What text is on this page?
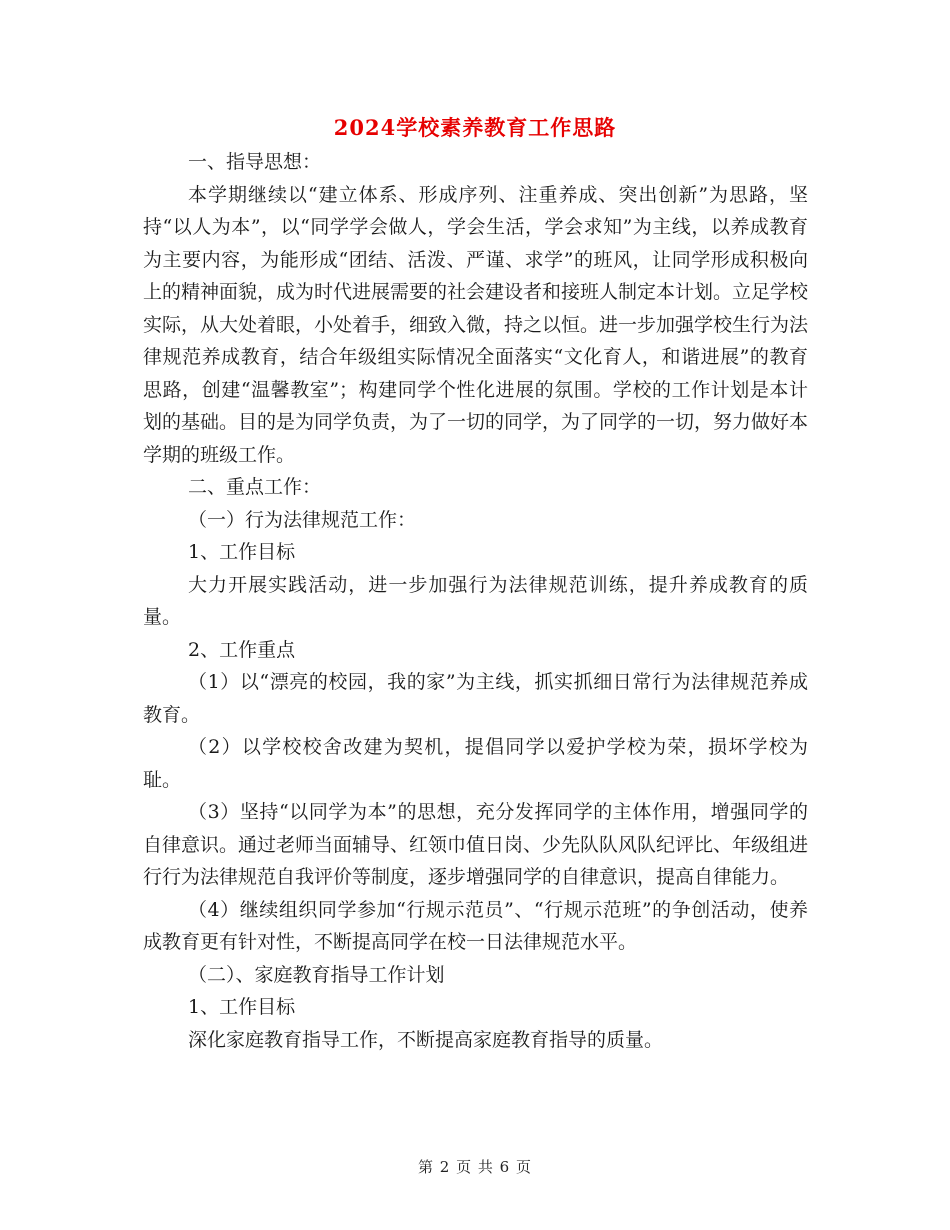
2024学校素养教育工作思路

一、指导思想：

本学期继续以“建立体系、形成序列、注重养成、突出创新”为思路，坚持“以人为本”，以“同学学会做人，学会生活，学会求知”为主线，以养成教育为主要内容，为能形成“团结、活泼、严谨、求学”的班风，让同学形成积极向上的精神面貌，成为时代进展需要的社会建设者和接班人制定本计划。立足学校实际，从大处着眼，小处着手，细致入微，持之以恒。进一步加强学校生行为法律规范养成教育，结合年级组实际情况全面落实“文化育人，和谐进展”的教育思路，创建“温馨教室”；构建同学个性化进展的氛围。学校的工作计划是本计划的基础。目的是为同学负责，为了一切的同学，为了同学的一切，努力做好本学期的班级工作。

二、重点工作：

（一）行为法律规范工作：

1、工作目标

大力开展实践活动，进一步加强行为法律规范训练，提升养成教育的质量。

2、工作重点

（1）以“漂亮的校园，我的家”为主线，抓实抓细日常行为法律规范养成教育。

（2）以学校校舍改建为契机，提倡同学以爱护学校为荣，损坏学校为耻。

（3）坚持“以同学为本”的思想，充分发挥同学的主体作用，增强同学的自律意识。通过老师当面辅导、红领巾值日岗、少先队队风队纪评比、年级组进行行为法律规范自我评价等制度，逐步增强同学的自律意识，提高自律能力。

（4）继续组织同学参加“行规示范员”、“行规示范班”的争创活动，使养成教育更有针对性，不断提高同学在校一日法律规范水平。

（二）、家庭教育指导工作计划

1、工作目标

深化家庭教育指导工作，不断提高家庭教育指导的质量。

第 2 页 共 6 页
